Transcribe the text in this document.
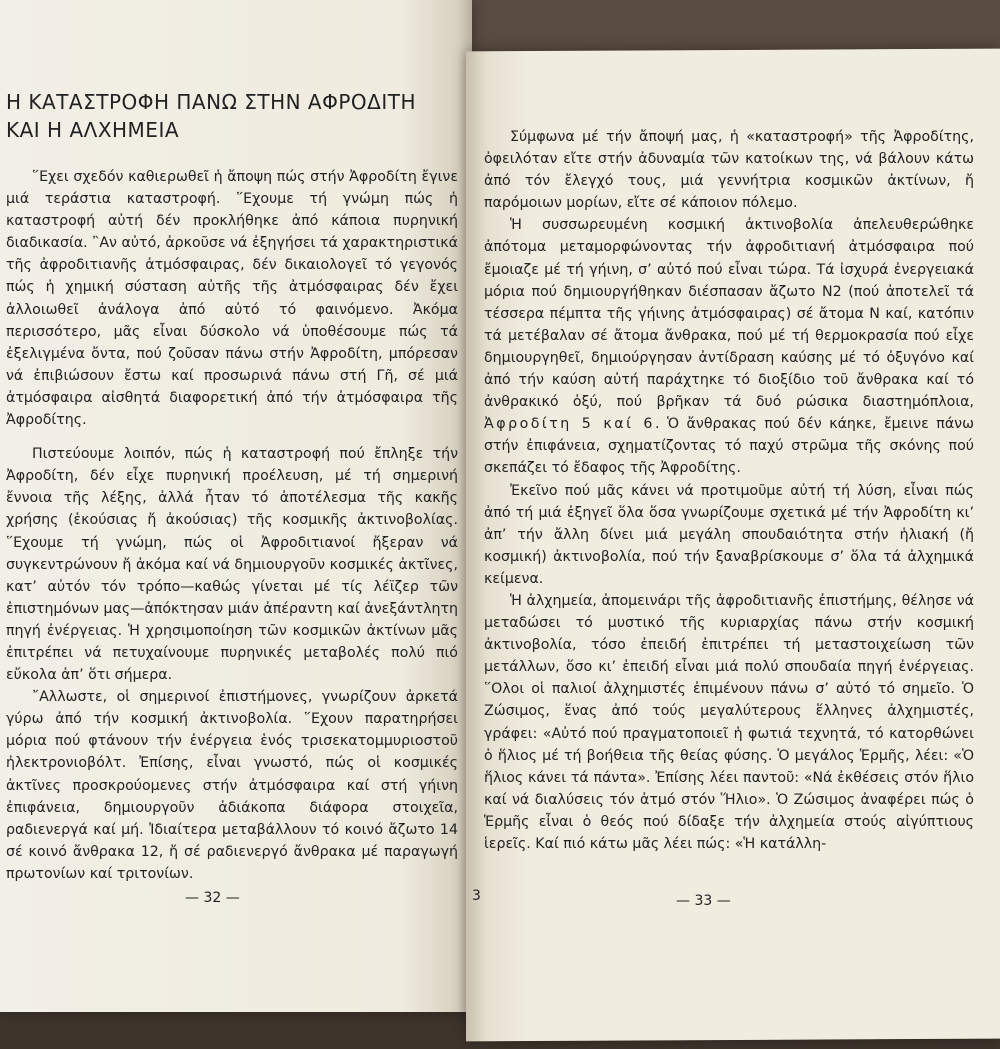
Η ΚΑΤΑΣΤΡΟΦΗ ΠΑΝΩ ΣΤΗΝ ΑΦΡΟΔΙΤΗ
ΚΑΙ Η ΑΛΧΗΜΕΙΑ

῞Εχει σχεδόν καθιερωθεῖ ἡ ἄποψη πώς στήν Ἀφροδίτη ἔγινε μιά τεράστια καταστροφή. ῞Εχουμε τή γνώμη πώς ἡ καταστροφή αὐτή δέν προκλήθηκε ἀπό κάποια πυρηνική διαδικασία. ῍Αν αὐτό, ἀρκοῦσε νά ἐξηγήσει τά χαρακτηριστικά τῆς ἀφροδιτιανῆς ἀτμόσφαιρας, δέν δικαιολογεῖ τό γεγονός πώς ἡ χημική σύσταση αὐτῆς τῆς ἀτμόσφαιρας δέν ἔχει ἀλλοιωθεῖ ἀνάλογα ἀπό αὐτό τό φαινόμενο. Ἀκόμα περισσότερο, μᾶς εἶναι δύσκολο νά ὑποθέσουμε πώς τά ἐξελιγμένα ὄντα, πού ζοῦσαν πάνω στήν Ἀφροδίτη, μπόρεσαν νά ἐπιβιώσουν ἔστω καί προσωρινά πάνω στή Γῆ, σέ μιά ἀτμόσφαιρα αἰσθητά διαφορετική ἀπό τήν ἀτμόσφαιρα τῆς Ἀφροδίτης.

Πιστεύουμε λοιπόν, πώς ἡ καταστροφή πού ἔπληξε τήν Ἀφροδίτη, δέν εἶχε πυρηνική προέλευση, μέ τή σημερινή ἔννοια τῆς λέξης, ἀλλά ἦταν τό ἀποτέλεσμα τῆς κακῆς χρήσης (ἑκούσιας ἤ ἀκούσιας) τῆς κοσμικῆς ἀκτινοβολίας. ῞Εχουμε τή γνώμη, πώς οἱ Ἀφροδιτιανοί ἤξεραν νά συγκεντρώνουν ἤ ἀκόμα καί νά δημιουργοῦν κοσμικές ἀκτῖνες, κατ’ αὐτόν τόν τρόπο—καθώς γίνεται μέ τίς λέϊζερ τῶν ἐπιστημόνων μας—ἀπόκτησαν μιάν ἀπέραντη καί ἀνεξάντλητη πηγή ἐνέργειας. Ἡ χρησιμοποίηση τῶν κοσμικῶν ἀκτίνων μᾶς ἐπιτρέπει νά πετυχαίνουμε πυρηνικές μεταβολές πολύ πιό εὔκολα ἀπ’ ὅτι σήμερα.

῎Αλλωστε, οἱ σημερινοί ἐπιστήμονες, γνωρίζουν ἀρκετά γύρω ἀπό τήν κοσμική ἀκτινοβολία. ῞Εχουν παρατηρήσει μόρια πού φτάνουν τήν ἐνέργεια ἑνός τρισεκατομμυριοστοῦ ἠλεκτρονιοβόλτ. Ἐπίσης, εἶναι γνωστό, πώς οἱ κοσμικές ἀκτῖνες προσκρούομενες στήν ἀτμόσφαιρα καί στή γήινη ἐπιφάνεια, δημιουργοῦν ἀδιάκοπα διάφορα στοιχεῖα, ραδιενεργά καί μή. Ἰδιαίτερα μεταβάλλουν τό κοινό ἄζωτο 14 σέ κοινό ἄνθρακα 12, ἤ σέ ραδιενεργό ἄνθρακα μέ παραγωγή πρωτονίων καί τριτονίων.

Σύμφωνα μέ τήν ἄποψή μας, ἡ «καταστροφή» τῆς Ἀφροδίτης, ὀφειλόταν εἴτε στήν ἀδυναμία τῶν κατοίκων της, νά βάλουν κάτω ἀπό τόν ἔλεγχό τους, μιά γεννήτρια κοσμικῶν ἀκτίνων, ἤ παρόμοιων μορίων, εἴτε σέ κάποιον πόλεμο.

Ἡ συσσωρευμένη κοσμική ἀκτινοβολία ἀπελευθερώθηκε ἀπότομα μεταμορφώνοντας τήν ἀφροδιτιανή ἀτμόσφαιρα πού ἔμοιαζε μέ τή γήινη, σ’ αὐτό πού εἶναι τώρα. Τά ἰσχυρά ἐνεργειακά μόρια πού δημιουργήθηκαν διέσπασαν ἄζωτο Ν2 (πού ἀποτελεῖ τά τέσσερα πέμπτα τῆς γήινης ἀτμόσφαιρας) σέ ἄτομα Ν καί, κατόπιν τά μετέβαλαν σέ ἄτομα ἄνθρακα, πού μέ τή θερμοκρασία πού εἶχε δημιουργηθεῖ, δημιούργησαν ἀντίδραση καύσης μέ τό ὀξυγόνο καί ἀπό τήν καύση αὐτή παράχτηκε τό διοξίδιο τοῦ ἄνθρακα καί τό ἀνθρακικό ὀξύ, πού βρῆκαν τά δυό ρώσικα διαστημόπλοια, Ἀφροδίτη 5 καί 6. Ὁ ἄνθρακας πού δέν κάηκε, ἔμεινε πάνω στήν ἐπιφάνεια, σχηματίζοντας τό παχύ στρῶμα τῆς σκόνης πού σκεπάζει τό ἔδαφος τῆς Ἀφροδίτης.

Ἐκεῖνο πού μᾶς κάνει νά προτιμοῦμε αὐτή τή λύση, εἶναι πώς ἀπό τή μιά ἐξηγεῖ ὅλα ὅσα γνωρίζουμε σχετικά μέ τήν Ἀφροδίτη κι’ ἀπ’ τήν ἄλλη δίνει μιά μεγάλη σπουδαιότητα στήν ἡλιακή (ἤ κοσμική) ἀκτινοβολία, πού τήν ξαναβρίσκουμε σ’ ὅλα τά ἀλχημικά κείμενα.

Ἡ ἀλχημεία, ἀπομεινάρι τῆς ἀφροδιτιανῆς ἐπιστήμης, θέλησε νά μεταδώσει τό μυστικό τῆς κυριαρχίας πάνω στήν κοσμική ἀκτινοβολία, τόσο ἐπειδή ἐπιτρέπει τή μεταστοιχείωση τῶν μετάλλων, ὅσο κι’ ἐπειδή εἶναι μιά πολύ σπουδαία πηγή ἐνέργειας. ῞Ολοι οἱ παλιοί ἀλχημιστές ἐπιμένουν πάνω σ’ αὐτό τό σημεῖο. Ὁ Ζώσιμος, ἕνας ἀπό τούς μεγαλύτερους ἕλληνες ἀλχημιστές, γράφει: «Αὐτό πού πραγματοποιεῖ ἡ φωτιά τεχνητά, τό κατορθώνει ὁ ἥλιος μέ τή βοήθεια τῆς θείας φύσης. Ὁ μεγάλος Ἑρμῆς, λέει: «Ὁ ἥλιος κάνει τά πάντα». Ἐπίσης λέει παντοῦ: «Νά ἐκθέσεις στόν ἥλιο καί νά διαλύσεις τόν ἀτμό στόν Ἥλιο». Ὁ Ζώσιμος ἀναφέρει πώς ὁ Ἑρμῆς εἶναι ὁ θεός πού δίδαξε τήν ἀλχημεία στούς αἰγύπτιους ἱερεῖς. Καί πιό κάτω μᾶς λέει πώς: «Ἡ κατάλλη-

— 32 —	3	— 33 —
